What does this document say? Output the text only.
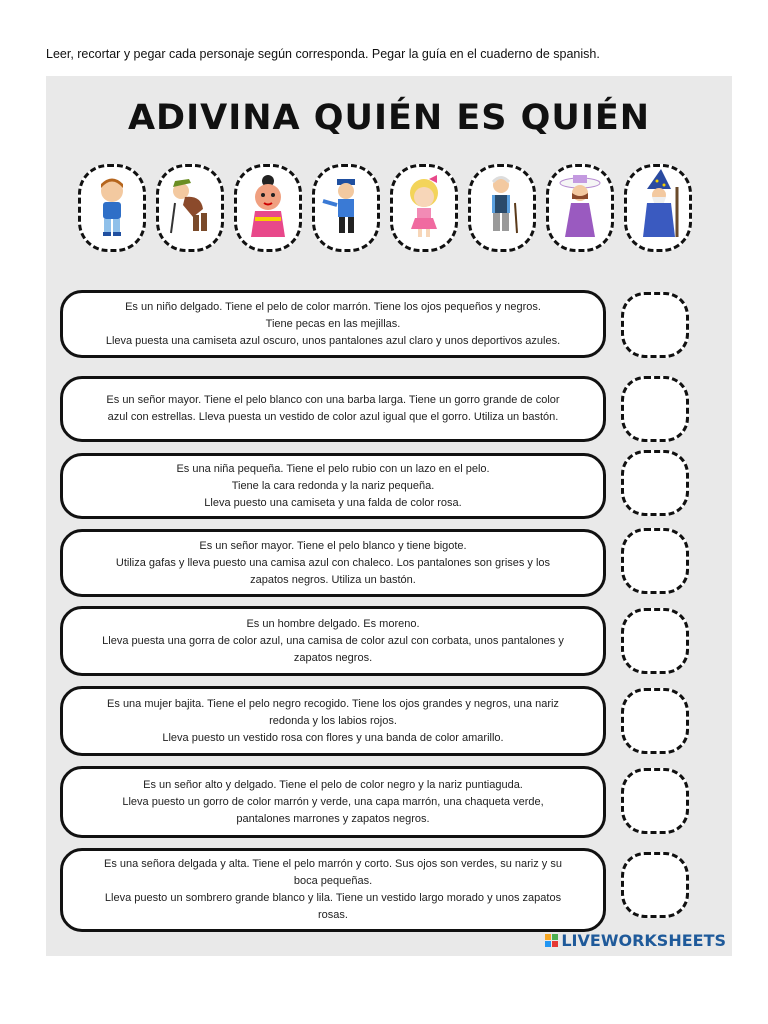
Leer, recortar y pegar cada personaje según corresponda. Pegar la guía en el cuaderno de spanish.
ADIVINA QUIÉN ES QUIÉN
Es un niño delgado. Tiene el pelo de color marrón. Tiene los ojos pequeños y negros.
Tiene pecas en las mejillas.
Lleva puesta una camiseta azul oscuro, unos pantalones azul claro y unos deportivos azules.
Es un señor mayor. Tiene el pelo blanco con una barba larga. Tiene un gorro grande de color
azul con estrellas. Lleva puesta un vestido de color azul igual que el gorro. Utiliza un bastón.
Es una niña pequeña. Tiene el pelo rubio con un lazo en el pelo.
Tiene la cara redonda y la nariz pequeña.
Lleva puesto una camiseta y una falda de color rosa.
Es un señor mayor. Tiene el pelo blanco y tiene bigote.
Utiliza gafas y lleva puesto una camisa azul con chaleco. Los pantalones son grises y los
zapatos negros. Utiliza un bastón.
Es un hombre delgado. Es moreno.
Lleva puesta una gorra de color azul, una camisa de color azul con corbata, unos pantalones y
zapatos negros.
Es una mujer bajita. Tiene el pelo negro recogido. Tiene los ojos grandes y negros, una nariz
redonda y los labios rojos.
Lleva puesto un vestido rosa con flores y una banda de color amarillo.
Es un señor alto y delgado. Tiene el pelo de color negro y la nariz puntiaguda.
Lleva puesto un gorro de color marrón y verde, una capa marrón, una chaqueta verde,
pantalones marrones y zapatos negros.
Es una señora delgada y alta. Tiene el pelo marrón y corto. Sus ojos son verdes, su nariz y su
boca pequeñas.
Lleva puesto un sombrero grande blanco y lila. Tiene un vestido largo morado y unos zapatos
rosas.
LIVEWORKSHEETS
